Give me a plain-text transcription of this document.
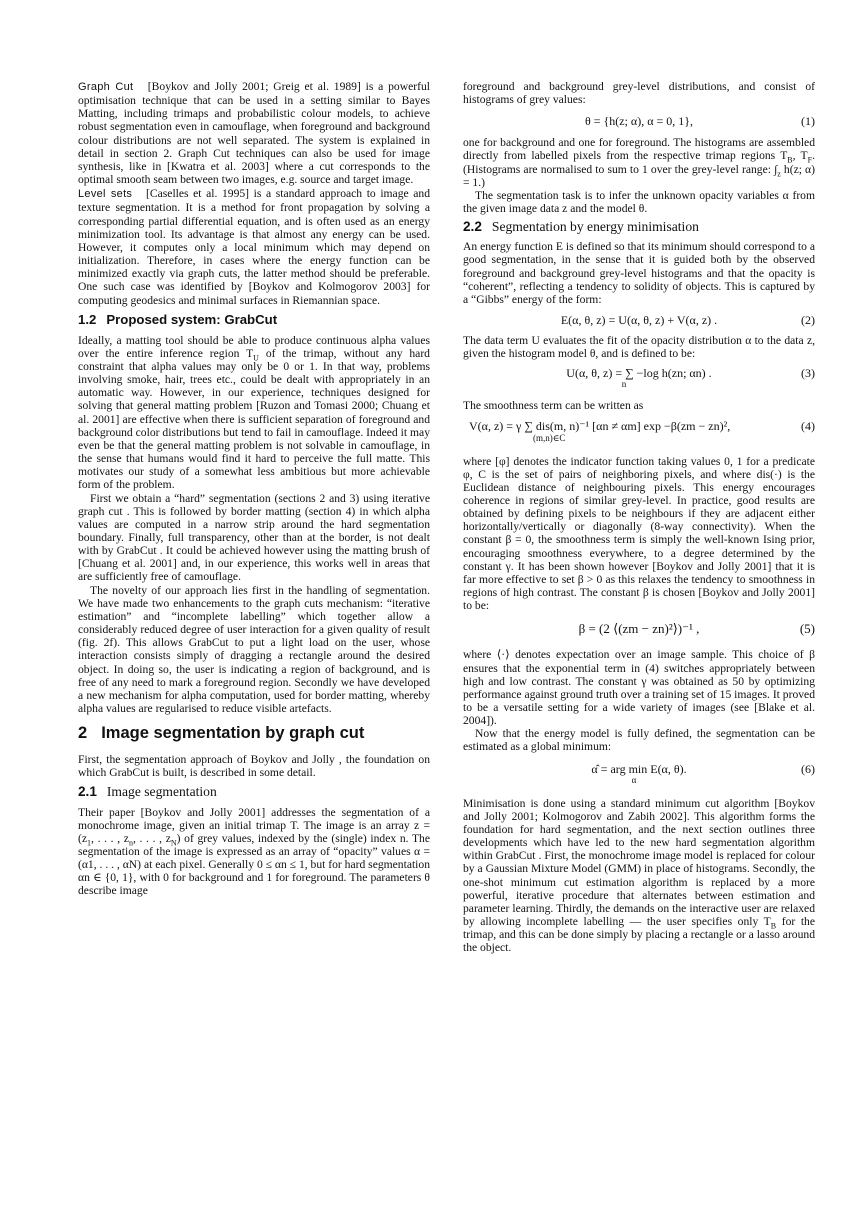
Graph Cut [Boykov and Jolly 2001; Greig et al. 1989] is a powerful optimisation technique that can be used in a setting similar to Bayes Matting, including trimaps and probabilistic colour models, to achieve robust segmentation even in camouflage, when foreground and background colour distributions are not well separated. The system is explained in detail in section 2. Graph Cut techniques can also be used for image synthesis, like in [Kwatra et al. 2003] where a cut corresponds to the optimal smooth seam between two images, e.g. source and target image.

Level sets [Caselles et al. 1995] is a standard approach to image and texture segmentation. It is a method for front propagation by solving a corresponding partial differential equation, and is often used as an energy minimization tool. Its advantage is that almost any energy can be used. However, it computes only a local minimum which may depend on initialization. Therefore, in cases where the energy function can be minimized exactly via graph cuts, the latter method should be preferable. One such case was identified by [Boykov and Kolmogorov 2003] for computing geodesics and minimal surfaces in Riemannian space.

1.2 Proposed system: GrabCut

Ideally, a matting tool should be able to produce continuous alpha values over the entire inference region $T_U$ of the trimap, without any hard constraint that alpha values may only be 0 or 1. In that way, problems involving smoke, hair, trees etc., could be dealt with appropriately in an automatic way. However, in our experience, techniques designed for solving that general matting problem [Ruzon and Tomasi 2000; Chuang et al. 2001] are effective when there is sufficient separation of foreground and background color distributions but tend to fail in camouflage. Indeed it may even be that the general matting problem is not solvable in camouflage, in the sense that humans would find it hard to perceive the full matte. This motivates our study of a somewhat less ambitious but more achievable form of the problem.

First we obtain a “hard” segmentation (sections 2 and 3) using iterative graph cut . This is followed by border matting (section 4) in which alpha values are computed in a narrow strip around the hard segmentation boundary. Finally, full transparency, other than at the border, is not dealt with by GrabCut . It could be achieved however using the matting brush of [Chuang et al. 2001] and, in our experience, this works well in areas that are sufficiently free of camouflage.

The novelty of our approach lies first in the handling of segmentation. We have made two enhancements to the graph cuts mechanism: “iterative estimation” and “incomplete labelling” which together allow a considerably reduced degree of user interaction for a given quality of result (fig. 2f). This allows GrabCut to put a light load on the user, whose interaction consists simply of dragging a rectangle around the desired object. In doing so, the user is indicating a region of background, and is free of any need to mark a foreground region. Secondly we have developed a new mechanism for alpha computation, used for border matting, whereby alpha values are regularised to reduce visible artefacts.

2 Image segmentation by graph cut

First, the segmentation approach of Boykov and Jolly , the foundation on which GrabCut is built, is described in some detail.

2.1 Image segmentation

Their paper [Boykov and Jolly 2001] addresses the segmentation of a monochrome image, given an initial trimap T. The image is an array $z = (z_1$, . . . , $z_n$, . . . , $z_N$) of grey values, indexed by the (single) index n. The segmentation of the image is expressed as an array of “opacity” values α = (α1, . . . , αN) at each pixel. Generally 0 ≤ αn ≤ 1, but for hard segmentation αn ∈ {0, 1}, with 0 for background and 1 for foreground. The parameters θ describe image

foreground and background grey-level distributions, and consist of histograms of grey values:

θ = {h(z; α), α = 0, 1},	(1)

one for background and one for foreground. The histograms are assembled directly from labelled pixels from the respective trimap regions $T_B$, $T_F$. (Histograms are normalised to sum to 1 over the grey-level range: $\int_z$ h(z; α) = 1.)

The segmentation task is to infer the unknown opacity variables α from the given image data z and the model θ.

2.2 Segmentation by energy minimisation

An energy function E is defined so that its minimum should correspond to a good segmentation, in the sense that it is guided both by the observed foreground and background grey-level histograms and that the opacity is “coherent”, reflecting a tendency to solidity of objects. This is captured by a “Gibbs” energy of the form:

E(α, θ, z) = U(α, θ, z) + V(α, z) .	(2)

The data term U evaluates the fit of the opacity distribution α to the data z, given the histogram model θ, and is defined to be:

U(α, θ, z) = ∑ −log h(zn; αn) .	(3)
n

The smoothness term can be written as

V(α, z) = γ ∑ dis(m, n)⁻¹ [αn ≠ αm] exp −β(zm − zn)²,	(4)
(m,n)∈C

where [φ] denotes the indicator function taking values 0, 1 for a predicate φ, C is the set of pairs of neighboring pixels, and where dis(·) is the Euclidean distance of neighbouring pixels. This energy encourages coherence in regions of similar grey-level. In practice, good results are obtained by defining pixels to be neighbours if they are adjacent either horizontally/vertically or diagonally (8-way connectivity). When the constant β = 0, the smoothness term is simply the well-known Ising prior, encouraging smoothness everywhere, to a degree determined by the constant γ. It has been shown however [Boykov and Jolly 2001] that it is far more effective to set β > 0 as this relaxes the tendency to smoothness in regions of high contrast. The constant β is chosen [Boykov and Jolly 2001] to be:

β = (2 ⟨(zm − zn)²⟩)⁻¹ ,	(5)

where ⟨·⟩ denotes expectation over an image sample. This choice of β ensures that the exponential term in (4) switches appropriately between high and low contrast. The constant γ was obtained as 50 by optimizing performance against ground truth over a training set of 15 images. It proved to be a versatile setting for a wide variety of images (see [Blake et al. 2004]).

Now that the energy model is fully defined, the segmentation can be estimated as a global minimum:

α̂ = arg min E(α, θ).	(6)
α

Minimisation is done using a standard minimum cut algorithm [Boykov and Jolly 2001; Kolmogorov and Zabih 2002]. This algorithm forms the foundation for hard segmentation, and the next section outlines three developments which have led to the new hard segmentation algorithm within GrabCut . First, the monochrome image model is replaced for colour by a Gaussian Mixture Model (GMM) in place of histograms. Secondly, the one-shot minimum cut estimation algorithm is replaced by a more powerful, iterative procedure that alternates between estimation and parameter learning. Thirdly, the demands on the interactive user are relaxed by allowing incomplete labelling — the user specifies only $T_B$ for the trimap, and this can be done simply by placing a rectangle or a lasso around the object.
